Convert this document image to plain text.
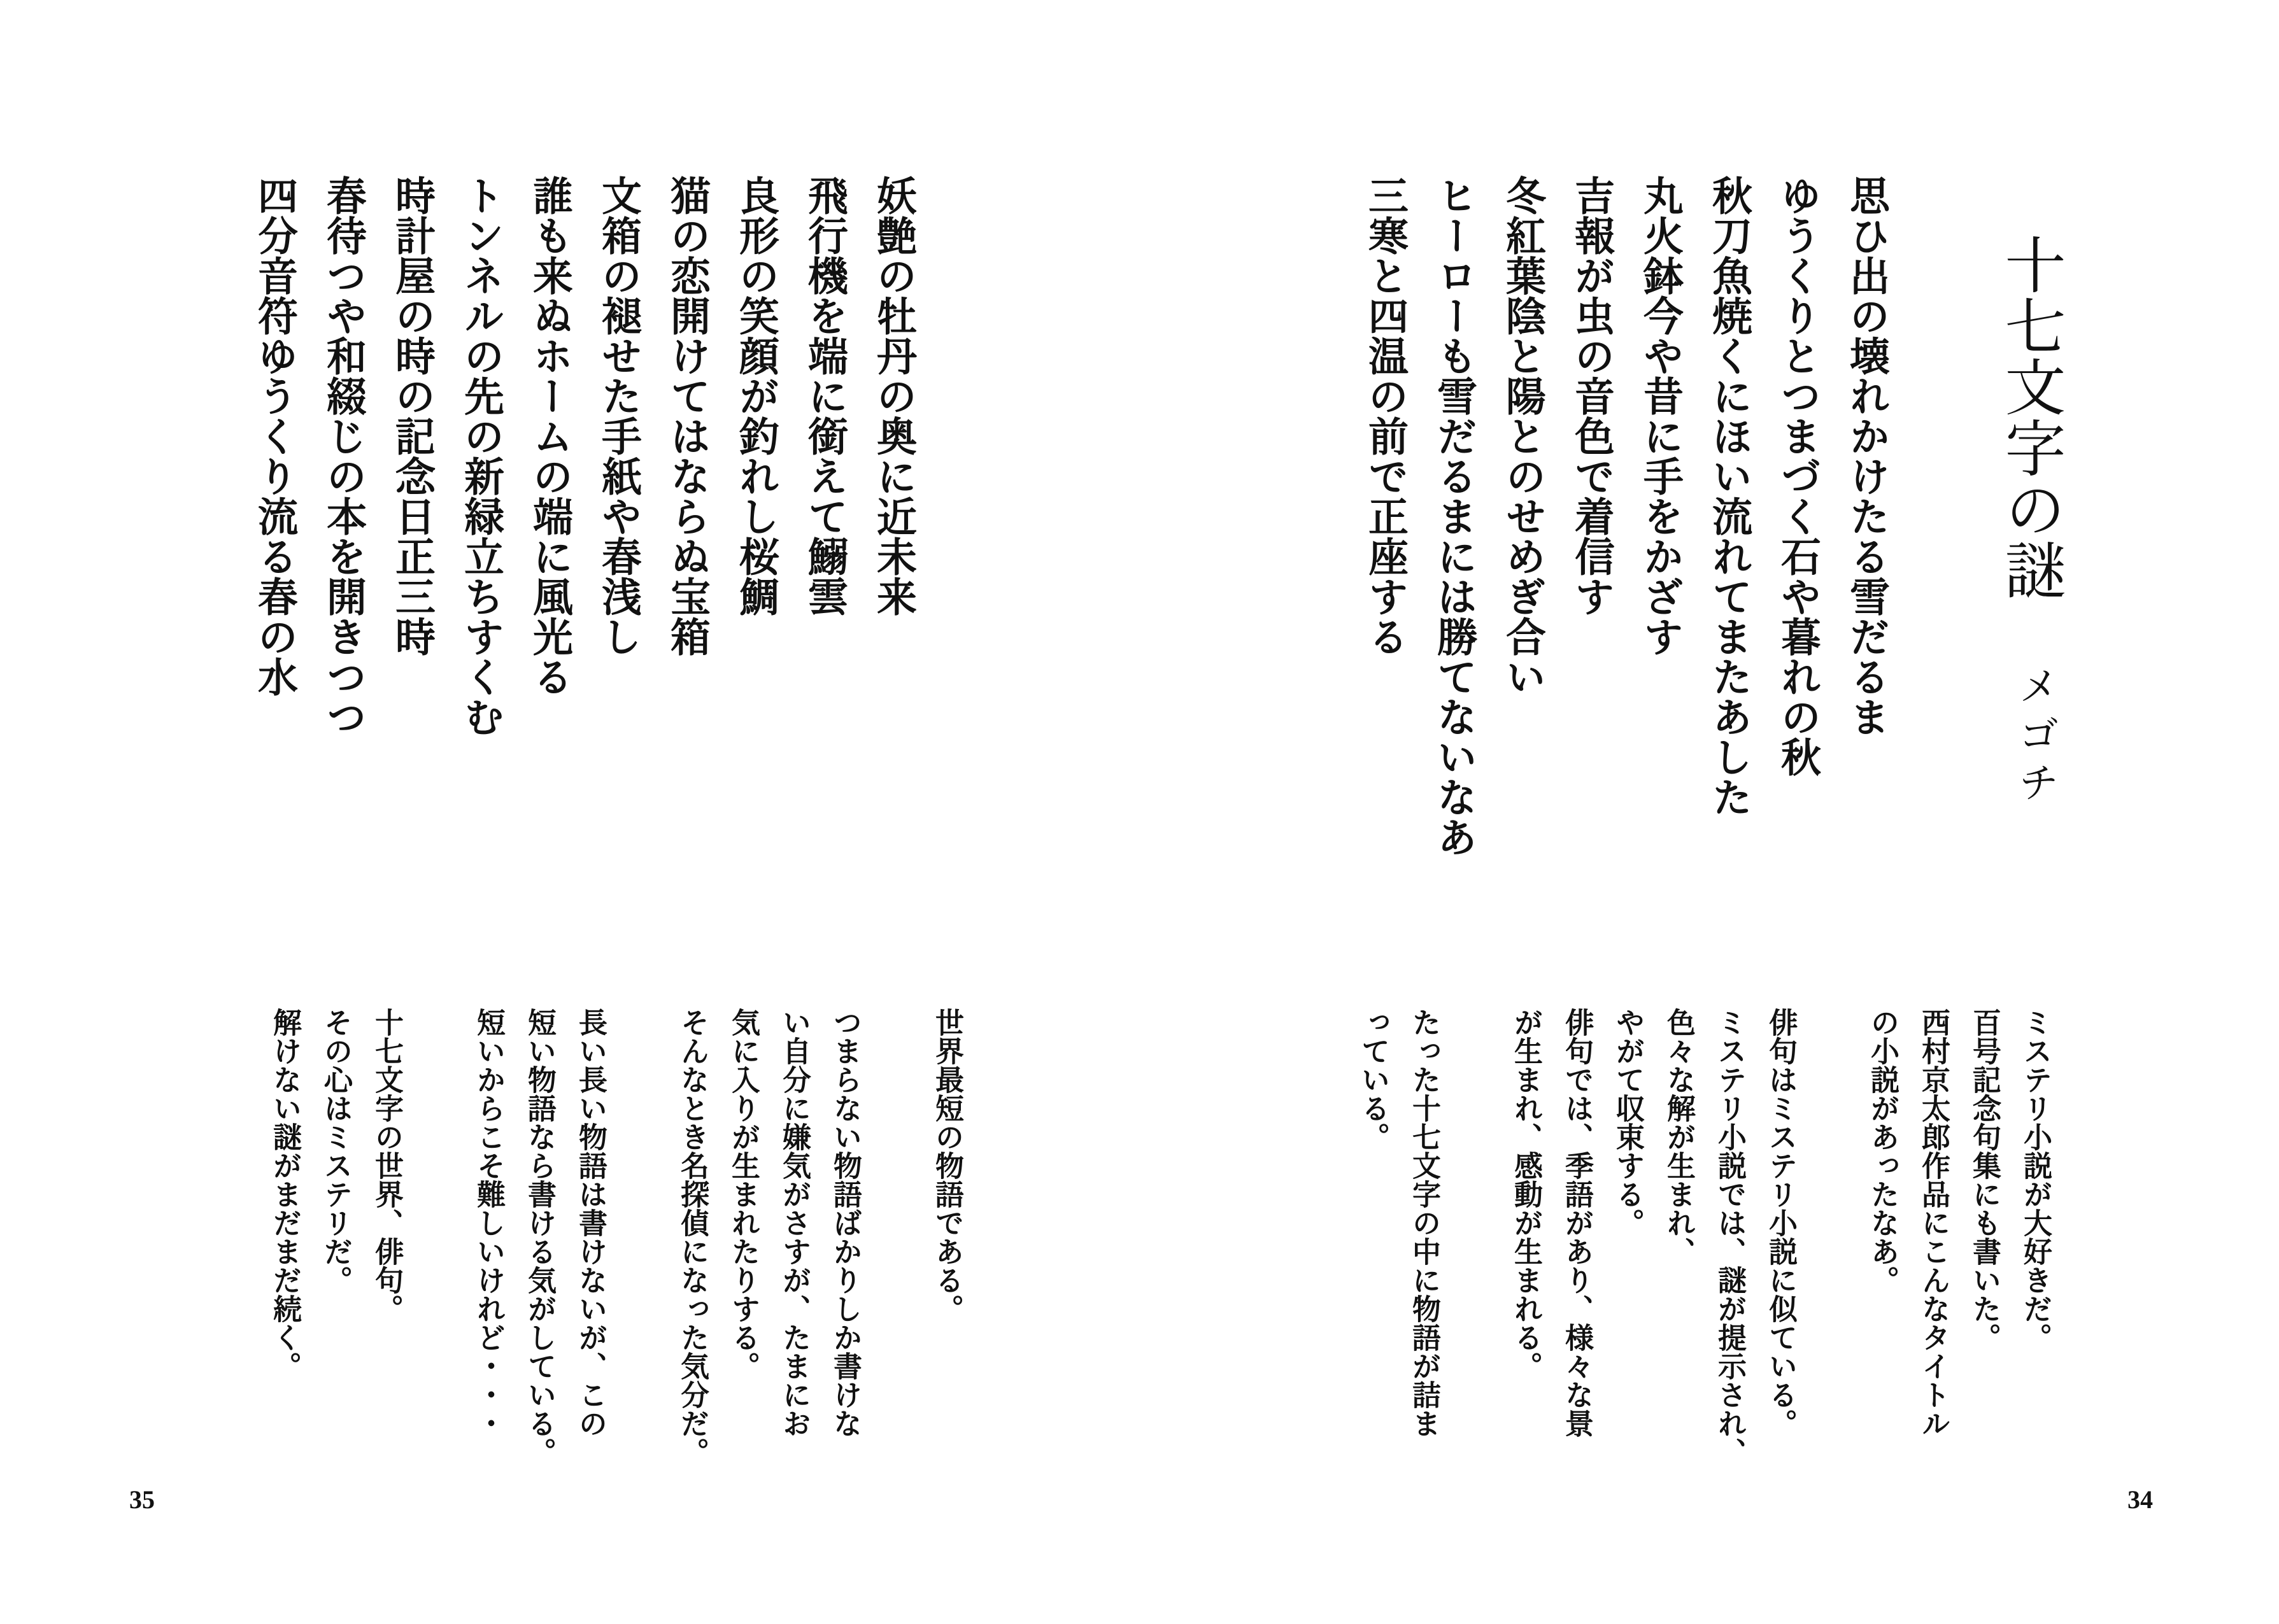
妖艶の牡丹の奥に近未来
飛行機を端に銜えて鰯雲
良形の笑顔が釣れし桜鯛
猫の恋開けてはならぬ宝箱
文箱の褪せた手紙や春浅し
誰も来ぬホームの端に風光る
トンネルの先の新緑立ちすくむ
時計屋の時の記念日正三時
春待つや和綴じの本を開きつつ
四分音符ゆうくり流る春の水
世界最短の物語である。
つまらない物語ばかりしか書けな
い自分に嫌気がさすが、たまにお
気に入りが生まれたりする。
そんなとき名探偵になった気分だ。
長い長い物語は書けないが、この
短い物語なら書ける気がしている。
短いからこそ難しいけれど・・・
十七文字の世界、俳句。
その心はミステリだ。
解けない謎がまだまだ続く。
35
十七文字の謎
メゴチ
思ひ出の壊れかけたる雪だるま
ゆうくりとつまづく石や暮れの秋
秋刀魚焼くにほい流れてまたあした
丸火鉢今や昔に手をかざす
吉報が虫の音色で着信す
冬紅葉陰と陽とのせめぎ合い
ヒーローも雪だるまには勝てないなあ
三寒と四温の前で正座する
ミステリ小説が大好きだ。
百号記念句集にも書いた。
西村京太郎作品にこんなタイトル
の小説があったなあ。
俳句はミステリ小説に似ている。
ミステリ小説では、謎が提示され、
色々な解が生まれ、
やがて収束する。
俳句では、季語があり、様々な景
が生まれ、感動が生まれる。
たった十七文字の中に物語が詰ま
っている。
34
